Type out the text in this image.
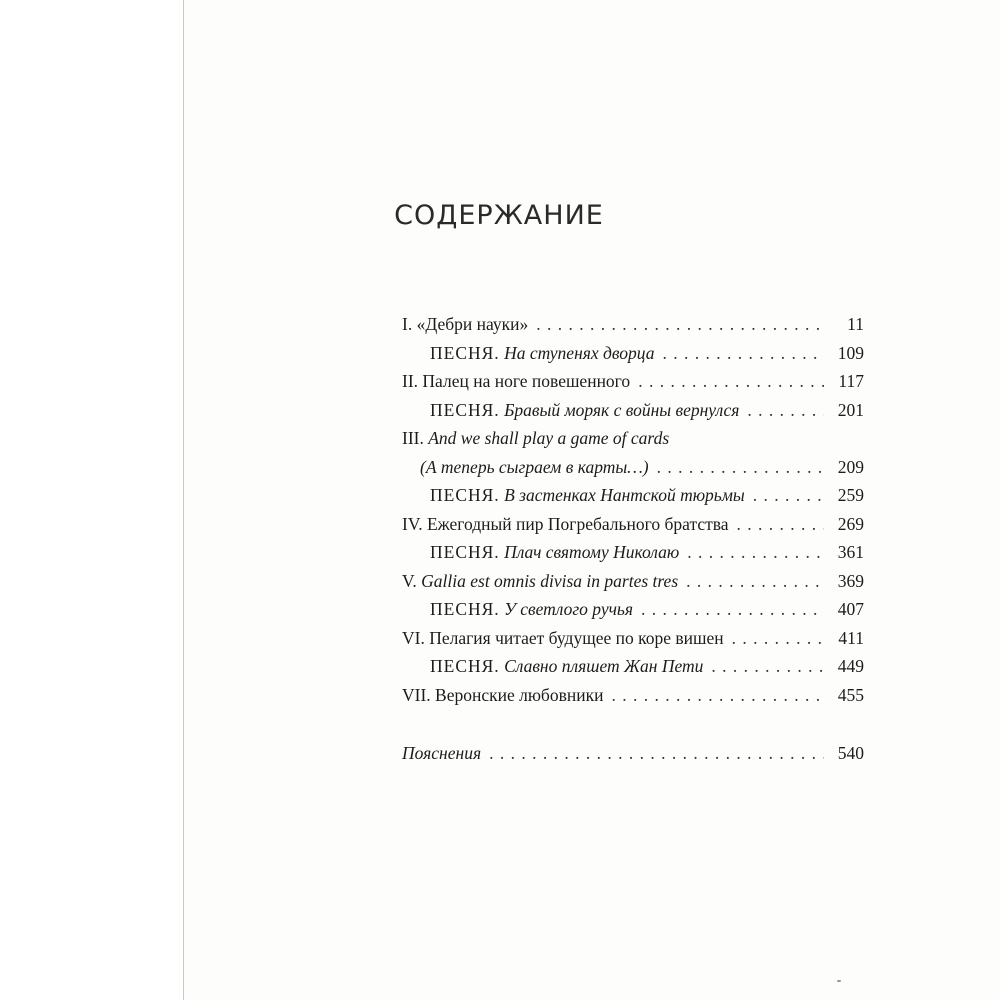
СОДЕРЖАНИЕ
I. «Дебри науки» . . .	11
ПЕСНЯ. На ступенях дворца . . .	109
II. Палец на ноге повешенного . . .	117
ПЕСНЯ. Бравый моряк с войны вернулся . . .	201
III. And we shall play a game of cards
(А теперь сыграем в карты…) . . .	209
ПЕСНЯ. В застенках Нантской тюрьмы . . .	259
IV. Ежегодный пир Погребального братства . . .	269
ПЕСНЯ. Плач святому Николаю . . .	361
V. Gallia est omnis divisa in partes tres . . .	369
ПЕСНЯ. У светлого ручья . . .	407
VI. Пелагия читает будущее по коре вишен . . .	411
ПЕСНЯ. Славно пляшет Жан Пети . . .	449
VII. Веронские любовники . . .	455
Пояснения . . .	540
